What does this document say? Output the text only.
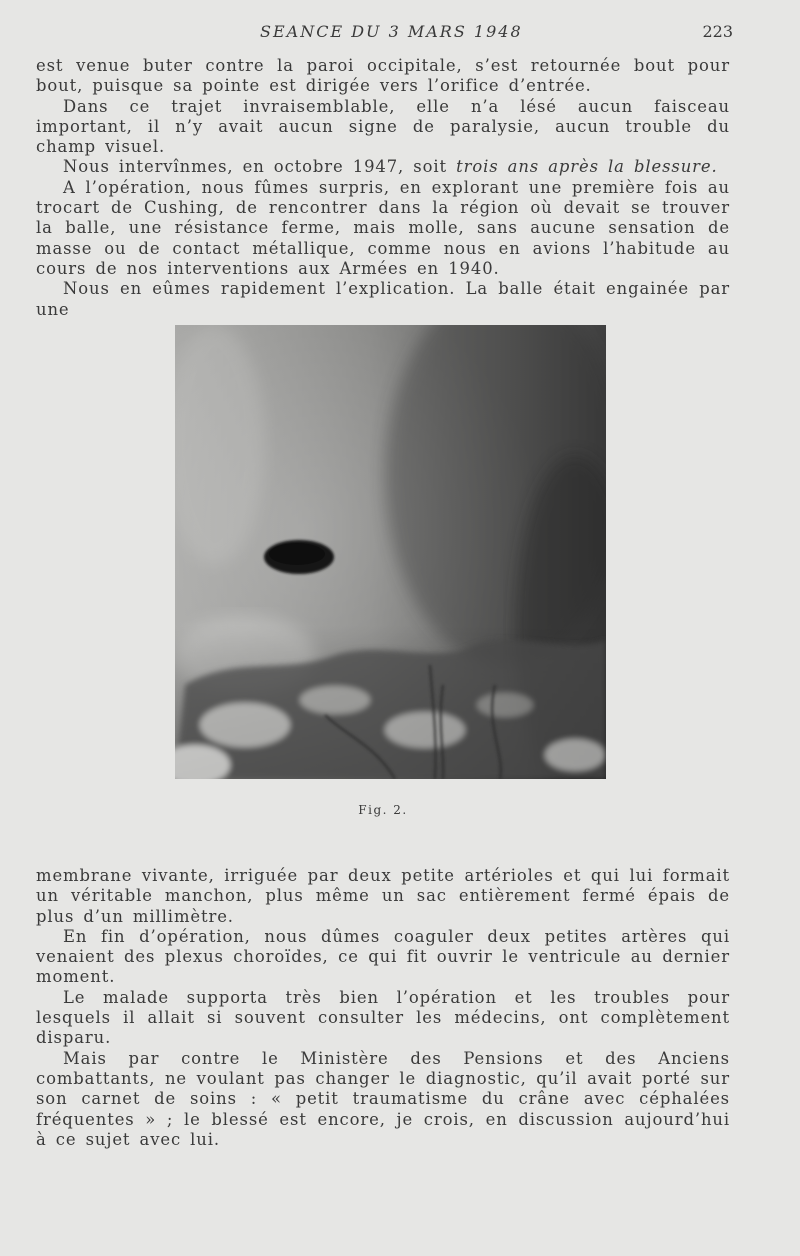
SEANCE DU 3 MARS 1948	223

est venue buter contre la paroi occipitale, s’est retournée bout pour bout, puisque sa pointe est dirigée vers l’orifice d’entrée.

Dans ce trajet invraisemblable, elle n’a lésé aucun faisceau important, il n’y avait aucun signe de paralysie, aucun trouble du champ visuel.

Nous intervînmes, en octobre 1947, soit trois ans après la blessure.

A l’opération, nous fûmes surpris, en explorant une première fois au trocart de Cushing, de rencontrer dans la région où devait se trouver la balle, une résistance ferme, mais molle, sans aucune sensation de masse ou de contact métallique, comme nous en avions l’habitude au cours de nos interventions aux Armées en 1940.

Nous en eûmes rapidement l’explication. La balle était engainée par une

Fig. 2.

membrane vivante, irriguée par deux petite artérioles et qui lui formait un véritable manchon, plus même un sac entièrement fermé épais de plus d’un millimètre.

En fin d’opération, nous dûmes coaguler deux petites artères qui venaient des plexus choroïdes, ce qui fit ouvrir le ventricule au dernier moment.

Le malade supporta très bien l’opération et les troubles pour lesquels il allait si souvent consulter les médecins, ont complètement disparu.

Mais par contre le Ministère des Pensions et des Anciens combattants, ne voulant pas changer le diagnostic, qu’il avait porté sur son carnet de soins : « petit traumatisme du crâne avec céphalées fréquentes » ; le blessé est encore, je crois, en discussion aujourd’hui à ce sujet avec lui.
